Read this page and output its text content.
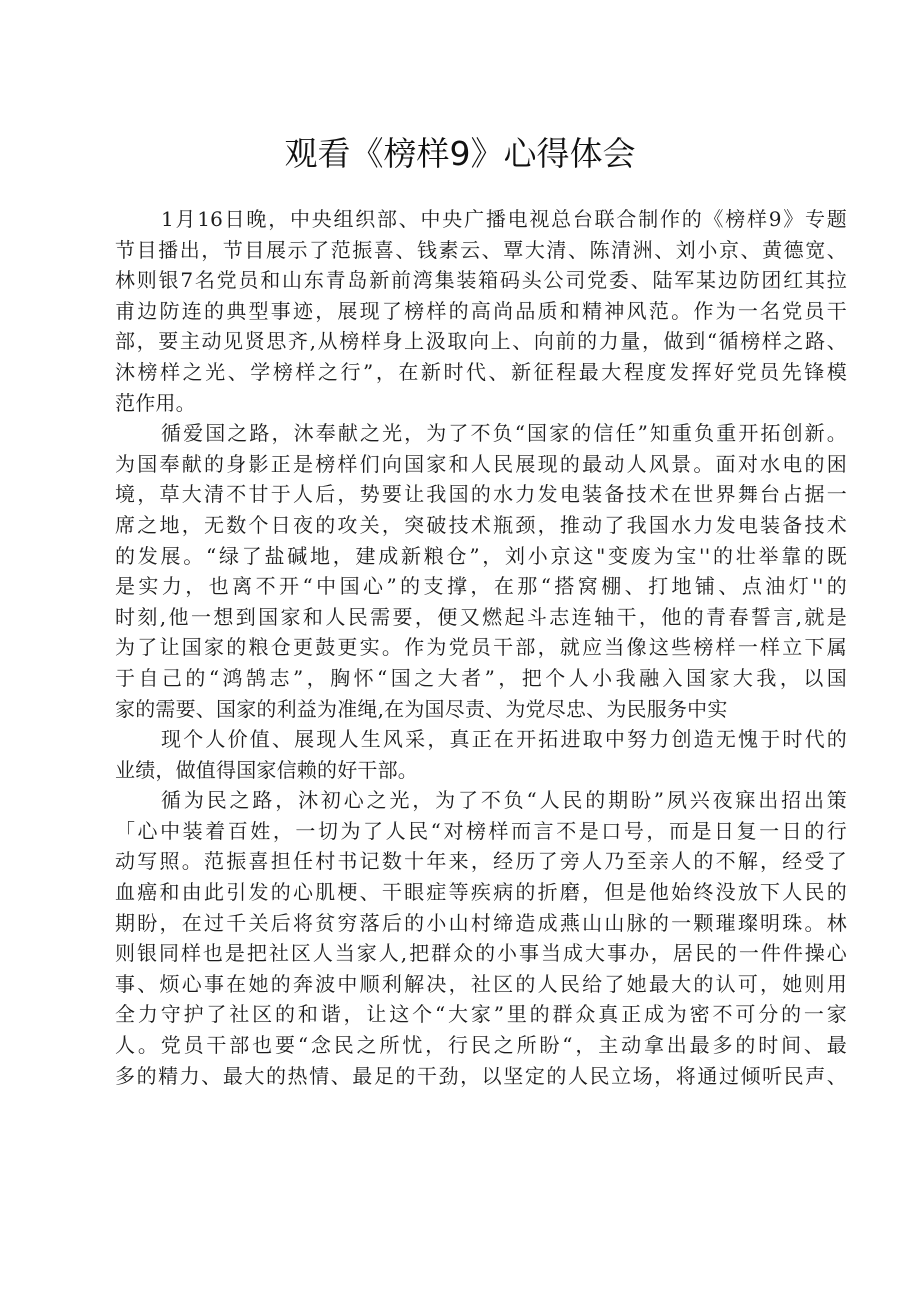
观看《榜样9》心得体会
1月16日晚，中央组织部、中央广播电视总台联合制作的《榜样9》专题
节目播出，节目展示了范振喜、钱素云、覃大清、陈清洲、刘小京、黄德宽、
林则银7名党员和山东青岛新前湾集装箱码头公司党委、陆军某边防团红其拉
甫边防连的典型事迹，展现了榜样的高尚品质和精神风范。作为一名党员干
部，要主动见贤思齐,从榜样身上汲取向上、向前的力量，做到“循榜样之路、
沐榜样之光、学榜样之行”，在新时代、新征程最大程度发挥好党员先锋模
范作用。
循爱国之路，沐奉献之光，为了不负“国家的信任”知重负重开拓创新。
为国奉献的身影正是榜样们向国家和人民展现的最动人风景。面对水电的困
境，草大清不甘于人后，势要让我国的水力发电装备技术在世界舞台占据一
席之地，无数个日夜的攻关，突破技术瓶颈，推动了我国水力发电装备技术
的发展。“绿了盐碱地，建成新粮仓”，刘小京这"变废为宝''的壮举靠的既
是实力，也离不开“中国心”的支撑，在那“搭窝棚、打地铺、点油灯''的
时刻,他一想到国家和人民需要，便又燃起斗志连轴干，他的青春誓言,就是
为了让国家的粮仓更鼓更实。作为党员干部，就应当像这些榜样一样立下属
于自己的“鸿鹄志”，胸怀“国之大者”，把个人小我融入国家大我，以国
家的需要、国家的利益为准绳,在为国尽责、为党尽忠、为民服务中实
现个人价值、展现人生风采，真正在开拓进取中努力创造无愧于时代的
业绩，做值得国家信赖的好干部。
循为民之路，沐初心之光，为了不负“人民的期盼”夙兴夜寐出招出策
「心中装着百姓，一切为了人民“对榜样而言不是口号，而是日复一日的行
动写照。范振喜担任村书记数十年来，经历了旁人乃至亲人的不解，经受了
血癌和由此引发的心肌梗、干眼症等疾病的折磨，但是他始终没放下人民的
期盼，在过千关后将贫穷落后的小山村缔造成燕山山脉的一颗璀璨明珠。林
则银同样也是把社区人当家人,把群众的小事当成大事办，居民的一件件操心
事、烦心事在她的奔波中顺利解决，社区的人民给了她最大的认可，她则用
全力守护了社区的和谐，让这个“大家”里的群众真正成为密不可分的一家
人。党员干部也要“念民之所忧，行民之所盼“，主动拿出最多的时间、最
多的精力、最大的热情、最足的干劲，以坚定的人民立场，将通过倾听民声、
